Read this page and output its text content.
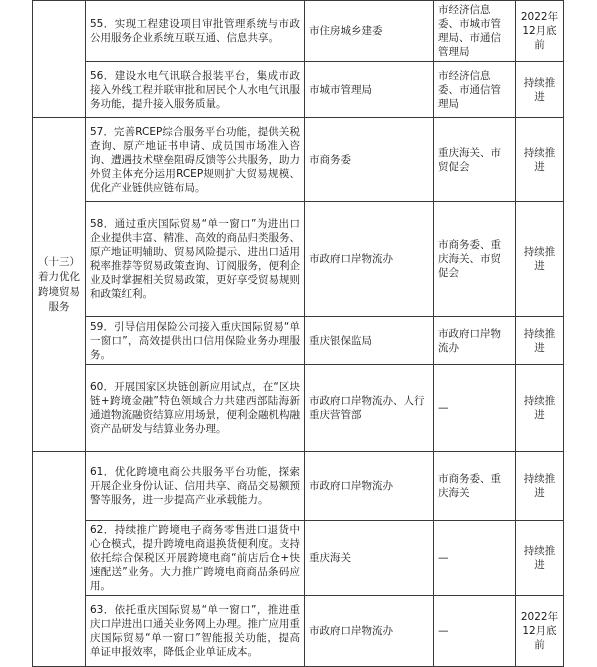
	55．实现工程建设项目审批管理系统与市政公用服务企业系统互联互通、信息共享。	市住房城乡建委	市经济信息委、市城市管理局、市通信管理局	2022年12月底前
	56．建设水电气讯联合报装平台，集成市政接入外线工程并联审批和居民个人水电气讯服务功能，提升接入服务质量。	市城市管理局	市经济信息委、市通信管理局	持续推进
（十三）着力优化跨境贸易服务	57．完善RCEP综合服务平台功能，提供关税查询、原产地证书申请、成员国市场准入咨询、遭遇技术壁垒阻碍反馈等公共服务，助力外贸主体充分运用RCEP规则扩大贸易规模、优化产业链供应链布局。	市商务委	重庆海关、市贸促会	持续推进
	58．通过重庆国际贸易“单一窗口”为进出口企业提供丰富、精准、高效的商品归类服务、原产地证明辅助、贸易风险提示、进出口适用税率推荐等贸易政策查询、订阅服务，便利企业及时掌握相关贸易政策，更好享受贸易规则和政策红利。	市政府口岸物流办	市商务委、重庆海关、市贸促会	持续推进
	59．引导信用保险公司接入重庆国际贸易“单一窗口”，高效提供出口信用保险业务办理服务。	重庆银保监局	市政府口岸物流办	持续推进
	60．开展国家区块链创新应用试点，在“区块链+跨境金融”特色领域合力共建西部陆海新通道物流融资结算应用场景，便利金融机构融资产品研发与结算业务办理。	市政府口岸物流办、人行重庆营管部	—	持续推进
	61．优化跨境电商公共服务平台功能，探索开展企业身份认证、信用共享、商品交易额预警等服务，进一步提高产业承载能力。	市政府口岸物流办	市商务委、重庆海关	持续推进
	62．持续推广跨境电子商务零售进口退货中心仓模式，提升跨境电商退换货便利度。支持依托综合保税区开展跨境电商“前店后仓+快速配送”业务。大力推广跨境电商商品条码应用。	重庆海关	—	持续推进
	63．依托重庆国际贸易“单一窗口”，推进重庆口岸进出口通关业务网上办理。推广应用重庆国际贸易“单一窗口”智能报关功能，提高单证申报效率，降低企业单证成本。	市政府口岸物流办	—	2022年12月底前
